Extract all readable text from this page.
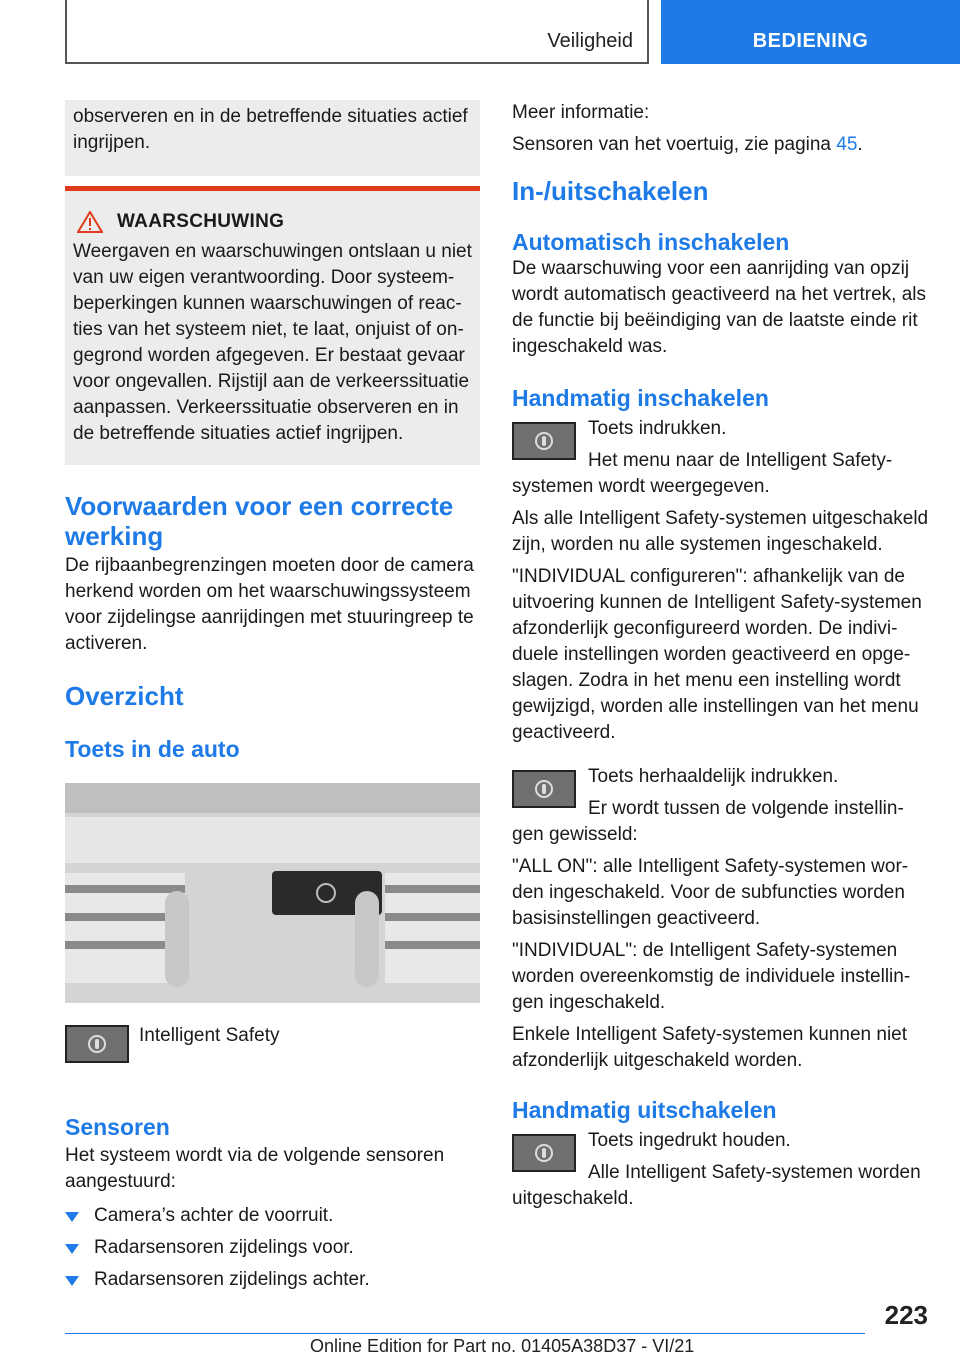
Veiligheid	BEDIENING

observeren en in de betreffende situaties actief ingrijpen.

WAARSCHUWING

Weergaven en waarschuwingen ontslaan u niet van uw eigen verantwoording. Door systeembeperkingen kunnen waarschuwingen of reacties van het systeem niet, te laat, onjuist of ongegrond worden afgegeven. Er bestaat gevaar voor ongevallen. Rijstijl aan de verkeerssituatie aanpassen. Verkeerssituatie observeren en in de betreffende situaties actief ingrijpen.

Voorwaarden voor een correcte werking

De rijbaanbegrenzingen moeten door de camera herkend worden om het waarschuwingssysteem voor zijdelingse aanrijdingen met stuuringreep te activeren.

Overzicht
Toets in de auto
Intelligent Safety
Sensoren

Het systeem wordt via de volgende sensoren aangestuurd:

Camera’s achter de voorruit.
Radarsensoren zijdelings voor.
Radarsensoren zijdelings achter.

Meer informatie:

Sensoren van het voertuig, zie pagina 45.

In-/uitschakelen
Automatisch inschakelen

De waarschuwing voor een aanrijding van opzij wordt automatisch geactiveerd na het vertrek, als de functie bij beëindiging van de laatste einde rit ingeschakeld was.

Handmatig inschakelen

Toets indrukken.

Het menu naar de Intelligent Safety-

systemen wordt weergegeven.

Als alle Intelligent Safety-systemen uitgeschakeld zijn, worden nu alle systemen ingeschakeld.

"INDIVIDUAL configureren": afhankelijk van de uitvoering kunnen de Intelligent Safety-systemen afzonderlijk geconfigureerd worden. De individuele instellingen worden geactiveerd en opgeslagen. Zodra in het menu een instelling wordt gewijzigd, worden alle instellingen van het menu geactiveerd.

Toets herhaaldelijk indrukken.

Er wordt tussen de volgende instellin-

gen gewisseld:

"ALL ON": alle Intelligent Safety-systemen worden ingeschakeld. Voor de subfuncties worden basisinstellingen geactiveerd.

"INDIVIDUAL": de Intelligent Safety-systemen worden overeenkomstig de individuele instellingen ingeschakeld.

Enkele Intelligent Safety-systemen kunnen niet afzonderlijk uitgeschakeld worden.

Handmatig uitschakelen

Toets ingedrukt houden.

Alle Intelligent Safety-systemen worden

uitgeschakeld.

223
Online Edition for Part no. 01405A38D37 - VI/21
